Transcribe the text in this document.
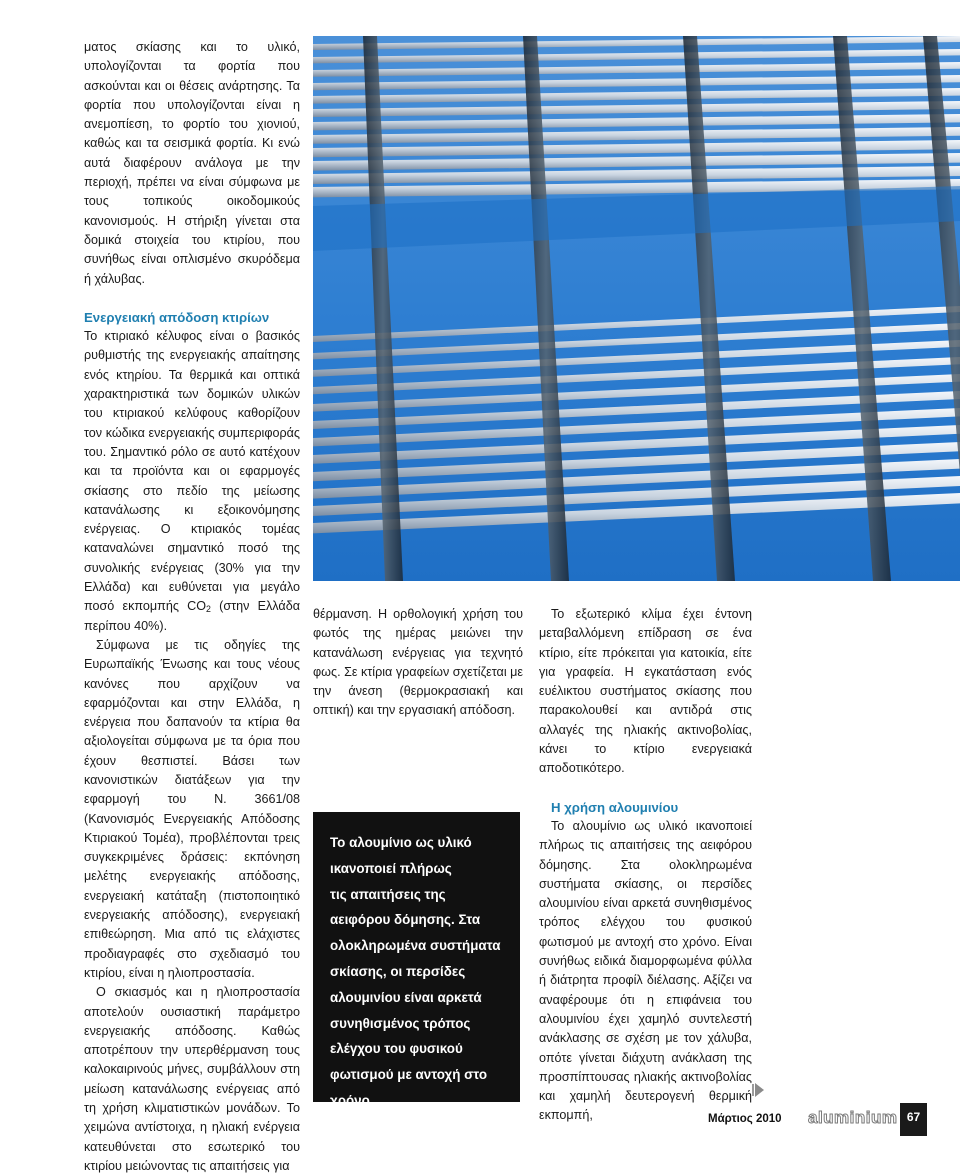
ματος σκίασης και το υλικό, υπολογίζονται τα φορτία που ασκούνται και οι θέσεις ανάρτησης. Τα φορτία που υπολογίζονται είναι η ανεμοπίεση, το φορτίο του χιονιού, καθώς και τα σεισμικά φορτία. Κι ενώ αυτά διαφέρουν ανάλογα με την περιοχή, πρέπει να είναι σύμφωνα με τους τοπικούς οικοδομικούς κανονισμούς. Η στήριξη γίνεται στα δομικά στοιχεία του κτιρίου, που συνήθως είναι οπλισμένο σκυρόδεμα ή χάλυβας.

Ενεργειακή απόδοση κτιρίων

Το κτιριακό κέλυφος είναι ο βασικός ρυθμιστής της ενεργειακής απαίτησης ενός κτηρίου. Τα θερμικά και οπτικά χαρακτηριστικά των δομικών υλικών του κτιριακού κελύφους καθορίζουν τον κώδικα ενεργειακής συμπεριφοράς του. Σημαντικό ρόλο σε αυτό κατέχουν και τα προϊόντα και οι εφαρμογές σκίασης στο πεδίο της μείωσης κατανάλωσης κι εξοικονόμησης ενέργειας. Ο κτιριακός τομέας καταναλώνει σημαντικό ποσό της συνολικής ενέργειας (30% για την Ελλάδα) και ευθύνεται για μεγάλο ποσό εκπομπής $CO_2$ (στην Ελλάδα περίπου 40%).

Σύμφωνα με τις οδηγίες της Ευρωπαϊκής Ένωσης και τους νέους κανόνες που αρχίζουν να εφαρμόζονται και στην Ελλάδα, η ενέργεια που δαπανούν τα κτίρια θα αξιολογείται σύμφωνα με τα όρια που έχουν θεσπιστεί. Βάσει των κανονιστικών διατάξεων για την εφαρμογή του Ν. 3661/08 (Κανονισμός Ενεργειακής Απόδοσης Κτιριακού Τομέα), προβλέπονται τρεις συγκεκριμένες δράσεις: εκπόνηση μελέτης ενεργειακής απόδοσης, ενεργειακή κατάταξη (πιστοποιητικό ενεργειακής απόδοσης), ενεργειακή επιθεώρηση. Μια από τις ελάχιστες προδιαγραφές στο σχεδιασμό του κτιρίου, είναι η ηλιοπροστασία.

Ο σκιασμός και η ηλιοπροστασία αποτελούν ουσιαστική παράμετρο ενεργειακής απόδοσης. Καθώς αποτρέπουν την υπερθέρμανση τους καλοκαιρινούς μήνες, συμβάλλουν στη μείωση κατανάλωσης ενέργειας από τη χρήση κλιματιστικών μονάδων. Το χειμώνα αντίστοιχα, η ηλιακή ενέργεια κατευθύνεται στο εσωτερικό του κτιρίου μειώνοντας τις απαιτήσεις για

θέρμανση. Η ορθολογική χρήση του φωτός της ημέρας μειώνει την κατανάλωση ενέργειας για τεχνητό φως. Σε κτίρια γραφείων σχετίζεται με την άνεση (θερμοκρασιακή και οπτική) και την εργασιακή απόδοση.

Το αλουμίνιο ως υλικό
ικανοποιεί πλήρως
τις απαιτήσεις της
αειφόρου δόμησης. Στα
ολοκληρωμένα συστήματα
σκίασης, οι περσίδες
αλουμινίου είναι αρκετά
συνηθισμένος τρόπος
ελέγχου του φυσικού
φωτισμού με αντοχή στο
χρόνο.

Το εξωτερικό κλίμα έχει έντονη μεταβαλλόμενη επίδραση σε ένα κτίριο, είτε πρόκειται για κατοικία, είτε για γραφεία. Η εγκατάσταση ενός ευέλικτου συστήματος σκίασης που παρακολουθεί και αντιδρά στις αλλαγές της ηλιακής ακτινοβολίας, κάνει το κτίριο ενεργειακά αποδοτικότερο.

Η χρήση αλουμινίου

Το αλουμίνιο ως υλικό ικανοποιεί πλήρως τις απαιτήσεις της αειφόρου δόμησης. Στα ολοκληρωμένα συστήματα σκίασης, οι περσίδες αλουμινίου είναι αρκετά συνηθισμένος τρόπος ελέγχου του φυσικού φωτισμού με αντοχή στο χρόνο. Είναι συνήθως ειδικά διαμορφωμένα φύλλα ή διάτρητα προφίλ διέλασης. Αξίζει να αναφέρουμε ότι η επιφάνεια του αλουμινίου έχει χαμηλό συντελεστή ανάκλασης σε σχέση με τον χάλυβα, οπότε γίνεται διάχυτη ανάκλαση της προσπίπτουσας ηλιακής ακτινοβολίας και χαμηλή δευτερογενή θερμική εκπομπή,	Μάρτιος 2010 aluminium 67
